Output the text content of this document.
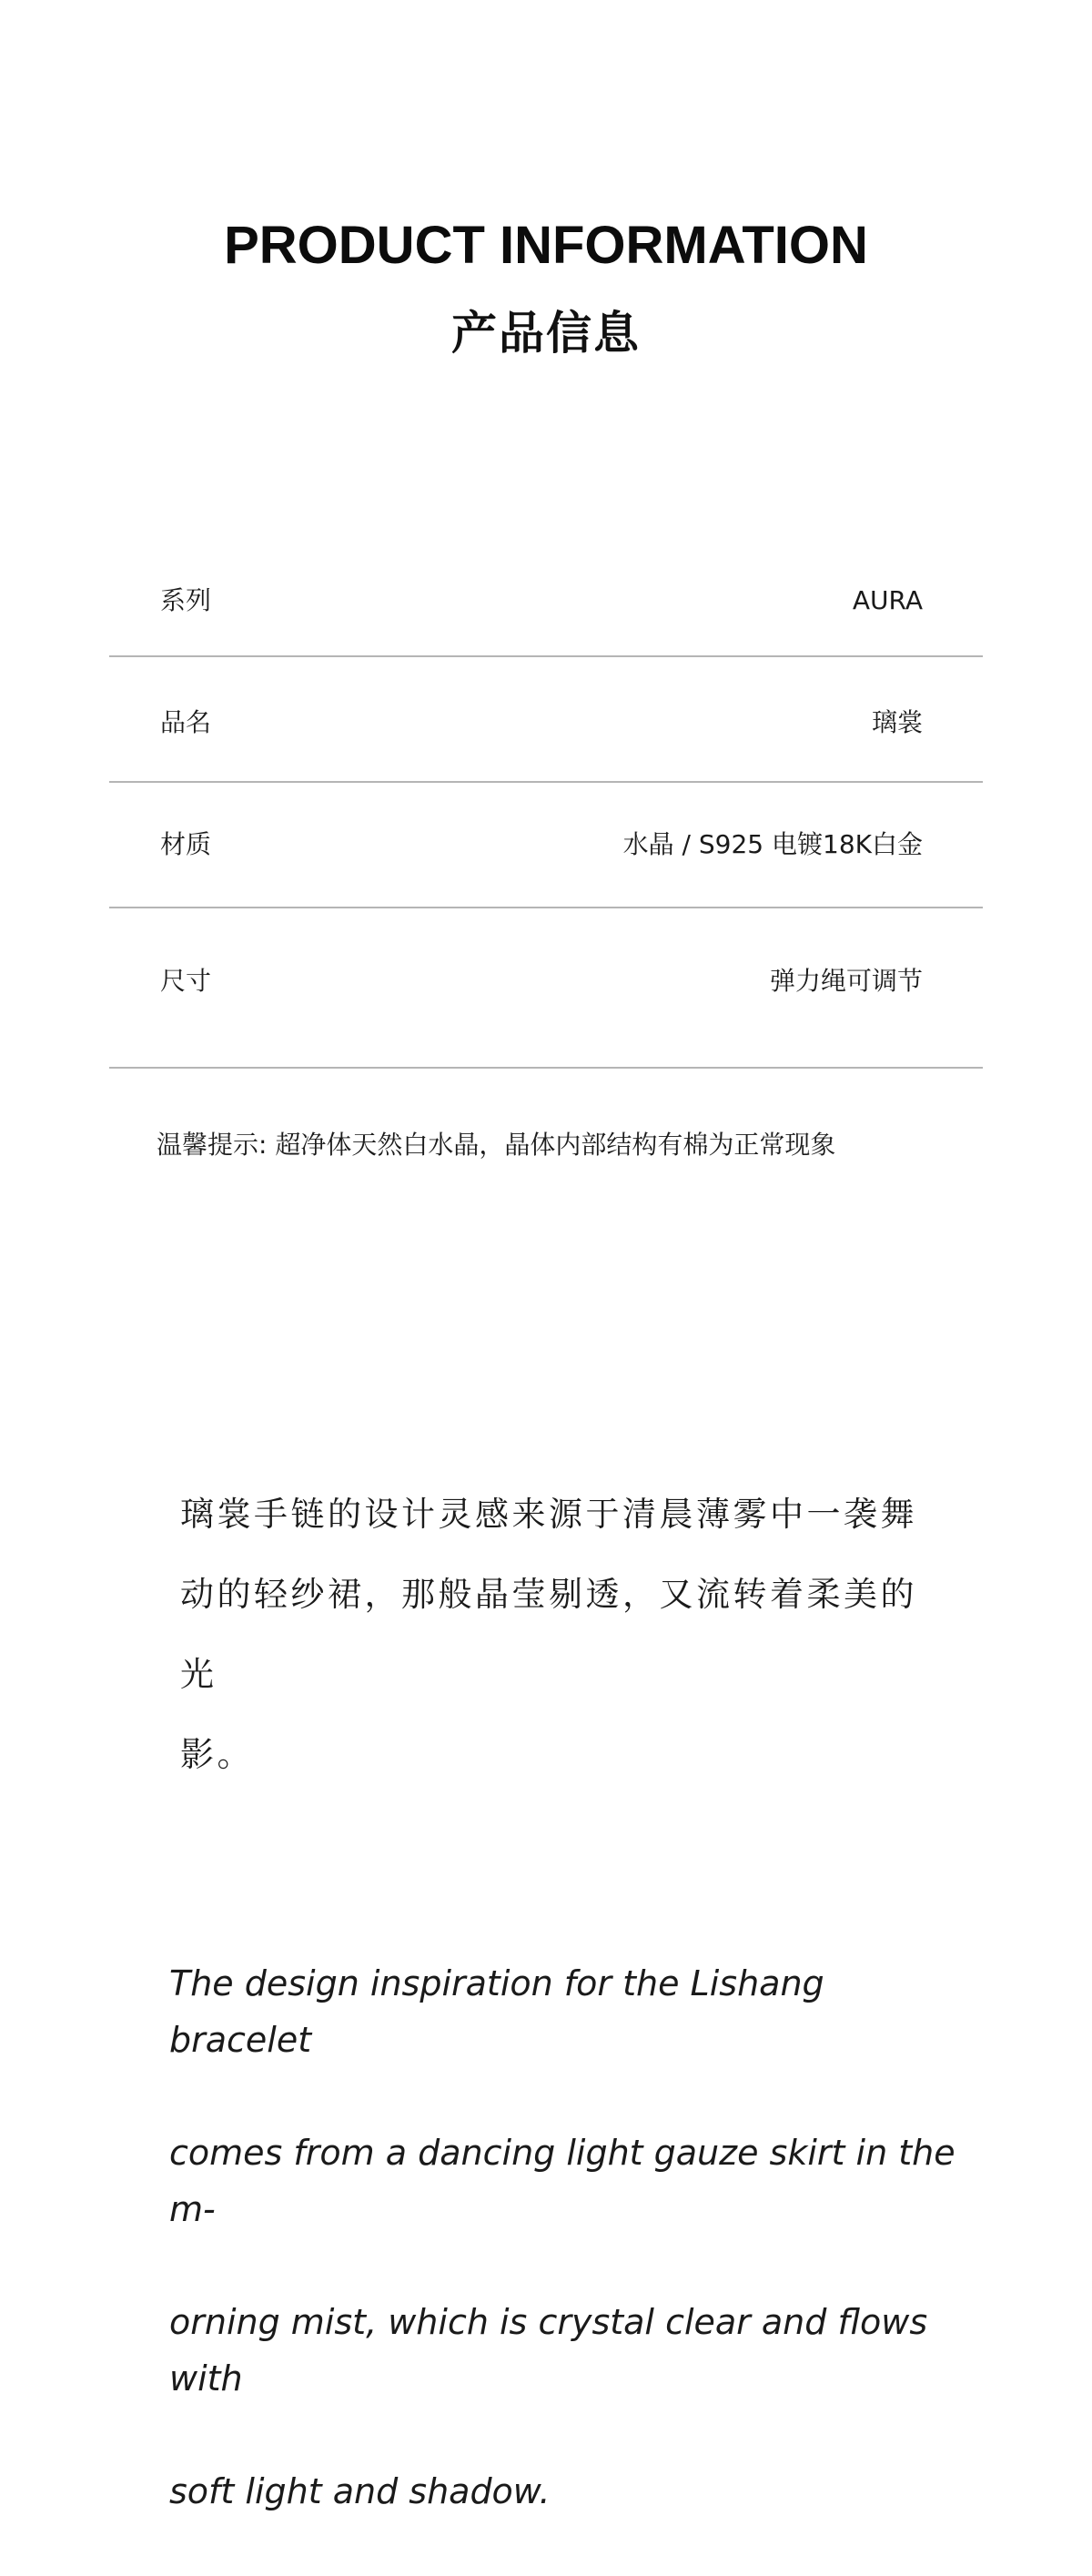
PRODUCT INFORMATION
产品信息
系列	AURA
品名	璃裳
材质	水晶 / S925 电镀18K白金
尺寸	弹力绳可调节
温馨提示: 超净体天然白水晶，晶体内部结构有棉为正常现象
璃裳手链的设计灵感来源于清晨薄雾中一袭舞
动的轻纱裙，那般晶莹剔透，又流转着柔美的光
影。

The design inspiration for the Lishang bracelet

comes from a dancing light gauze skirt in the m-

orning mist, which is crystal clear and flows with

soft light and shadow.
